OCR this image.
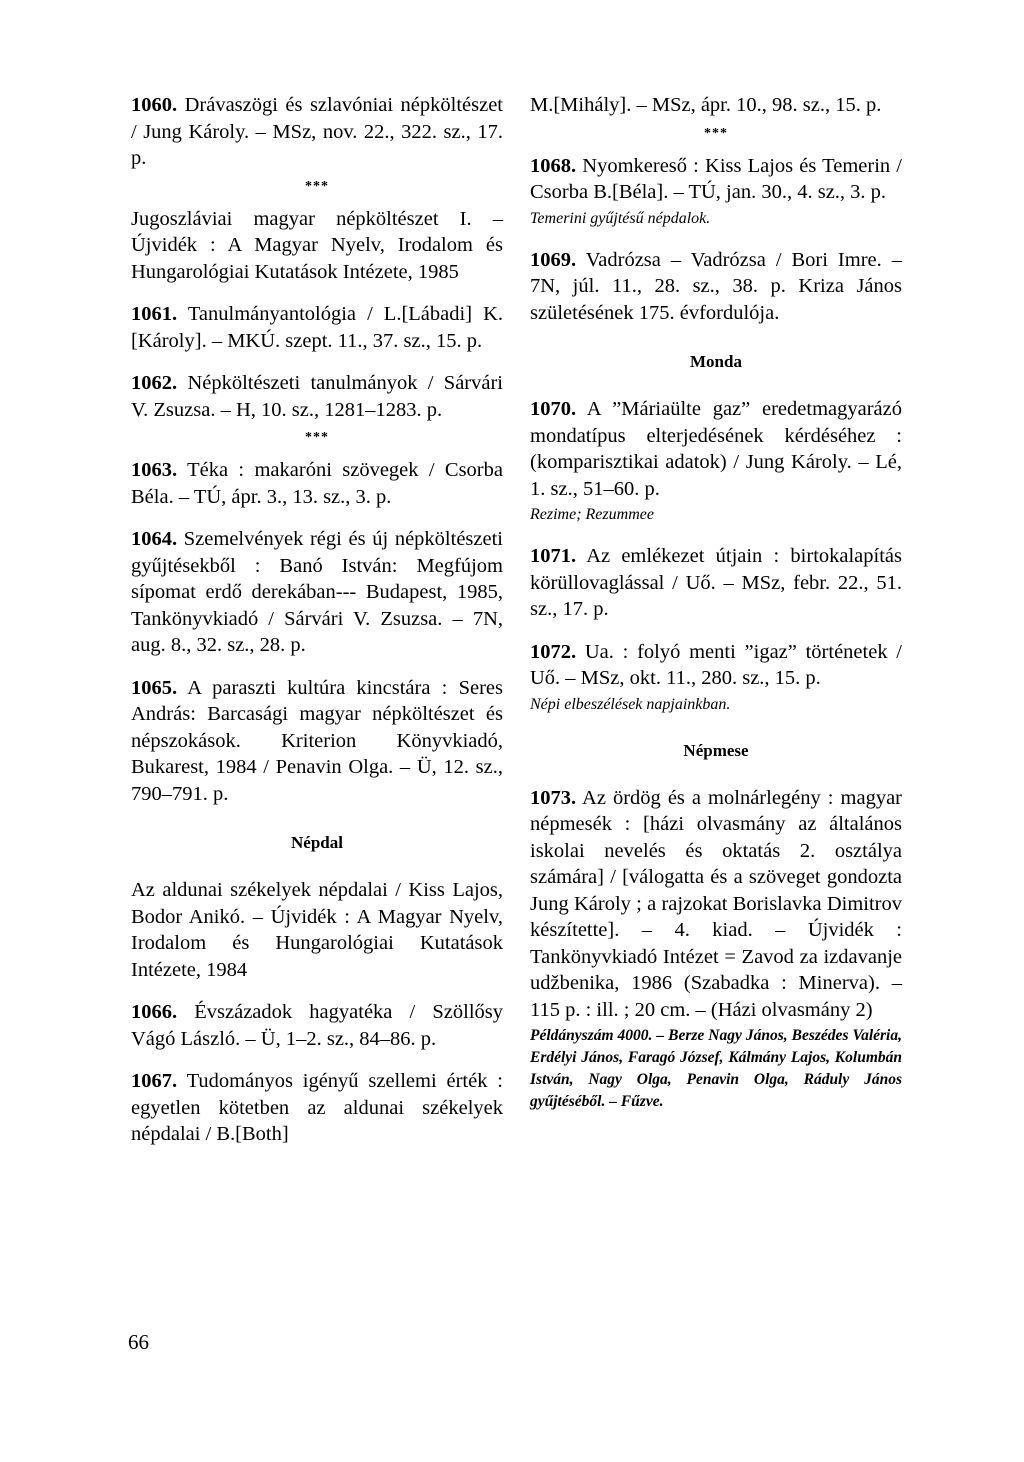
1060. Drávaszögi és szlavóniai népköltészet / Jung Károly. – MSz, nov. 22., 322. sz., 17. p.

***

Jugoszláviai magyar népköltészet I. – Újvidék : A Magyar Nyelv, Irodalom és Hungarológiai Kutatások Intézete, 1985

1061. Tanulmányantológia / L.[Lábadi] K.[Károly]. – MKÚ. szept. 11., 37. sz., 15. p.

1062. Népköltészeti tanulmányok / Sárvári V. Zsuzsa. – H, 10. sz., 1281–1283. p.

***

1063. Téka : makaróni szövegek / Csorba Béla. – TÚ, ápr. 3., 13. sz., 3. p.

1064. Szemelvények régi és új népköltészeti gyűjtésekből : Banó István: Megfújom sípomat erdő derekában--- Budapest, 1985, Tankönyvkiadó / Sárvári V. Zsuzsa. – 7N, aug. 8., 32. sz., 28. p.

1065. A paraszti kultúra kincstára : Seres András: Barcasági magyar népköltészet és népszokások. Kriterion Könyvkiadó, Bukarest, 1984 / Penavin Olga. – Ü, 12. sz., 790–791. p.

Népdal

Az aldunai székelyek népdalai / Kiss Lajos, Bodor Anikó. – Újvidék : A Magyar Nyelv, Irodalom és Hungarológiai Kutatások Intézete, 1984

1066. Évszázadok hagyatéka / Szöllősy Vágó László. – Ü, 1–2. sz., 84–86. p.

1067. Tudományos igényű szellemi érték : egyetlen kötetben az aldunai székelyek népdalai / B.[Both]

M.[Mihály]. – MSz, ápr. 10., 98. sz., 15. p.

***

1068. Nyomkereső : Kiss Lajos és Temerin / Csorba B.[Béla]. – TÚ, jan. 30., 4. sz., 3. p.

Temerini gyűjtésű népdalok.

1069. Vadrózsa – Vadrózsa / Bori Imre. – 7N, júl. 11., 28. sz., 38. p. Kriza János születésének 175. évfordulója.

Monda

1070. A ”Máriaülte gaz” eredetmagyarázó mondatípus elterjedésének kérdéséhez : (komparisztikai adatok) / Jung Károly. – Lé, 1. sz., 51–60. p.

Rezime; Rezummee

1071. Az emlékezet útjain : birtokalapítás körüllovaglással / Uő. – MSz, febr. 22., 51. sz., 17. p.

1072. Ua. : folyó menti ”igaz” történetek / Uő. – MSz, okt. 11., 280. sz., 15. p.

Népi elbeszélések napjainkban.

Népmese

1073. Az ördög és a molnárlegény : magyar népmesék : [házi olvasmány az általános iskolai nevelés és oktatás 2. osztálya számára] / [válogatta és a szöveget gondozta Jung Károly ; a rajzokat Borislavka Dimitrov készítette]. – 4. kiad. – Újvidék : Tankönyvkiadó Intézet = Zavod za izdavanje udžbenika, 1986 (Szabadka : Minerva). – 115 p. : ill. ; 20 cm. – (Házi olvasmány 2)

Példányszám 4000. – Berze Nagy János, Beszédes Valéria, Erdélyi János, Faragó József, Kálmány Lajos, Kolumbán István, Nagy Olga, Penavin Olga, Ráduly János gyűjtéséből. – Fűzve.

66
